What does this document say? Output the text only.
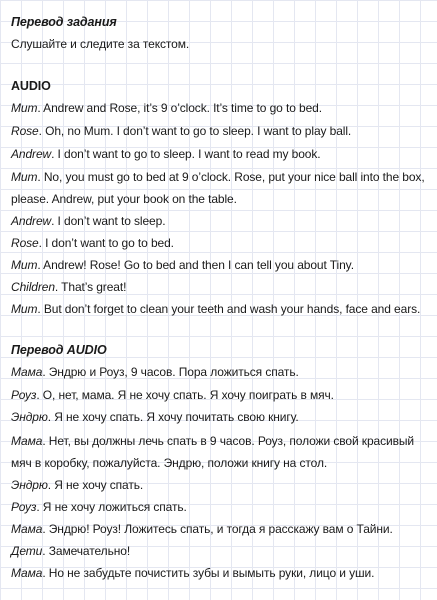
Перевод задания
Слушайте и следите за текстом.
AUDIO
Mum. Andrew and Rose, it’s 9 o’clock. It’s time to go to bed.
Rose. Oh, no Mum. I don’t want to go to sleep. I want to play ball.
Andrew. I don’t want to go to sleep. I want to read my book.
Mum. No, you must go to bed at 9 o’clock. Rose, put your nice ball into the box,
please. Andrew, put your book on the table.
Andrew. I don’t want to sleep.
Rose. I don’t want to go to bed.
Mum. Andrew! Rose! Go to bed and then I can tell you about Tiny.
Children. That’s great!
Mum. But don’t forget to clean your teeth and wash your hands, face and ears.
Перевод AUDIO
Мама. Эндрю и Роуз, 9 часов. Пора ложиться спать.
Роуз. О, нет, мама. Я не хочу спать. Я хочу поиграть в мяч.
Эндрю. Я не хочу спать. Я хочу почитать свою книгу.
Мама. Нет, вы должны лечь спать в 9 часов. Роуз, положи свой красивый
мяч в коробку, пожалуйста. Эндрю, положи книгу на стол.
Эндрю. Я не хочу спать.
Роуз. Я не хочу ложиться спать.
Мама. Эндрю! Роуз! Ложитесь спать, и тогда я расскажу вам о Тайни.
Дети. Замечательно!
Мама. Но не забудьте почистить зубы и вымыть руки, лицо и уши.
